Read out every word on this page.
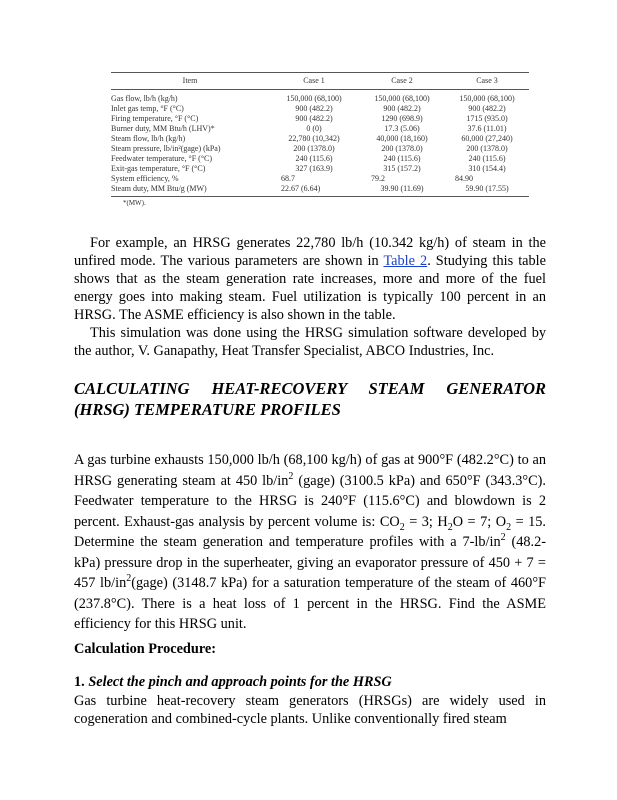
Item	Case 1	Case 2	Case 3
Gas flow, lb/h (kg/h)	150,000 (68,100)	150,000 (68,100)	150,000 (68,100)
Inlet gas temp, °F (°C)	900 (482.2)	900 (482.2)	900 (482.2)
Firing temperature, °F (°C)	900 (482.2)	1290 (698.9)	1715 (935.0)
Burner duty, MM Btu/h (LHV)*	0 (0)	17.3 (5.06)	37.6 (11.01)
Steam flow, lb/h (kg/h)	22,780 (10,342)	40,000 (18,160)	60,000 (27,240)
Steam pressure, lb/in²(gage) (kPa)	200 (1378.0)	200 (1378.0)	200 (1378.0)
Feedwater temperature, °F (°C)	240 (115.6)	240 (115.6)	240 (115.6)
Exit-gas temperature, °F (°C)	327 (163.9)	315 (157.2)	310 (154.4)
System efficiency, %	68.7	79.2	84.90
Steam duty, MM Btu/g (MW)	22.67 (6.64)	39.90 (11.69)	59.90 (17.55)
*(MW).

For example, an HRSG generates 22,780 lb/h (10.342 kg/h) of steam in the unfired mode. The various parameters are shown in Table 2. Studying this table shows that as the steam generation rate increases, more and more of the fuel energy goes into making steam. Fuel utilization is typically 100 percent in an HRSG. The ASME efficiency is also shown in the table.

This simulation was done using the HRSG simulation software developed by the author, V. Ganapathy, Heat Transfer Specialist, ABCO Industries, Inc.

CALCULATING HEAT-RECOVERY STEAM GENERATOR (HRSG) TEMPERATURE PROFILES

A gas turbine exhausts 150,000 lb/h (68,100 kg/h) of gas at 900°F (482.2°C) to an HRSG generating steam at 450 $lb/in^2$ (gage) (3100.5 kPa) and 650°F (343.3°C). Feedwater temperature to the HRSG is 240°F (115.6°C) and blowdown is 2 percent. Exhaust-gas analysis by percent volume is: $CO_2 = 3$; $H_2O = 7$; $O_2 = 15$. Determine the steam generation and temperature profiles with a $7-lb/in^2$ (48.2-kPa) pressure drop in the superheater, giving an evaporator pressure of 450 + 7 = 457 $lb/in^2(gage)$ (3148.7 kPa) for a saturation temperature of the steam of 460°F (237.8°C). There is a heat loss of 1 percent in the HRSG. Find the ASME efficiency for this HRSG unit.

Calculation Procedure:

1. Select the pinch and approach points for the HRSG

Gas turbine heat-recovery steam generators (HRSGs) are widely used in cogeneration and combined-cycle plants. Unlike conventionally fired steam
